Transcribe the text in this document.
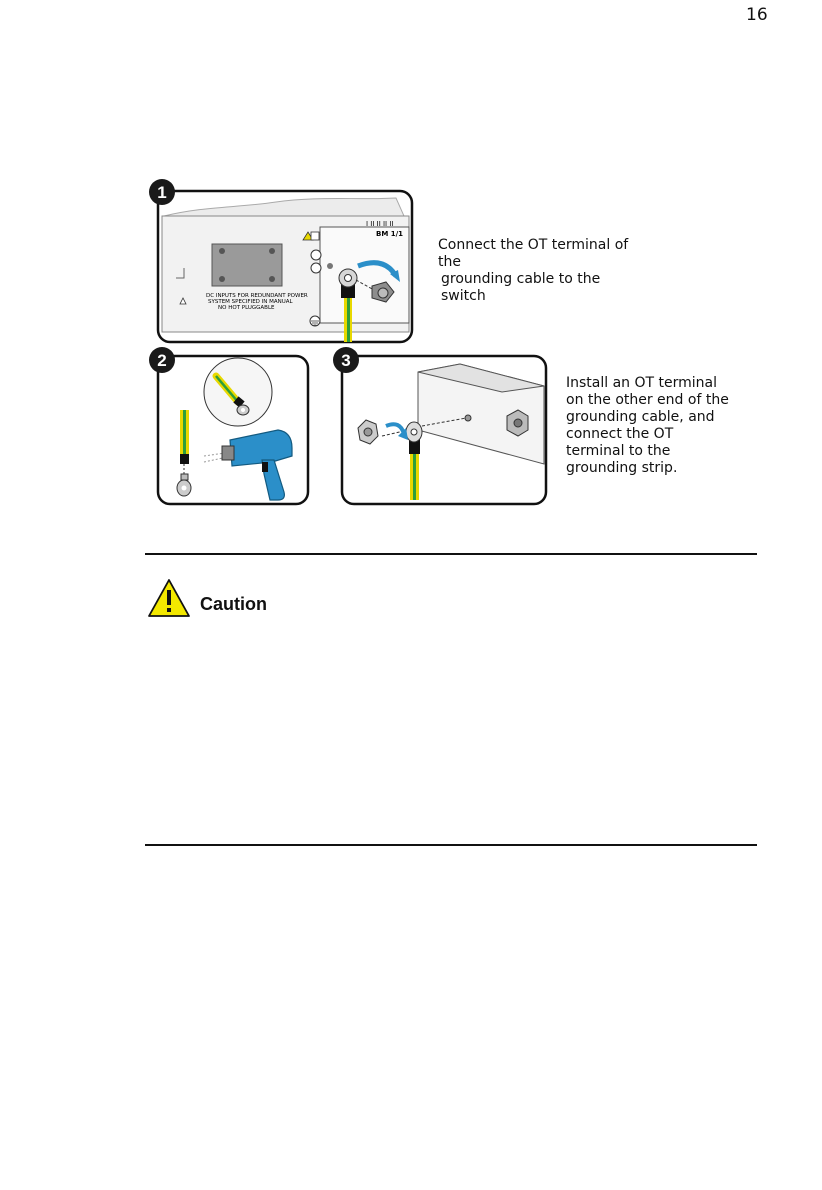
16
I II II II II
BM 1/1
DC INPUTS FOR REDUNDANT POWER
SYSTEM SPECIFIED IN MANUAL
NO HOT PLUGGABLE
1
Connect the OT terminal of the
grounding cable to the switch
2	3
Install an OT terminal
on the other end of the
grounding cable, and
connect the OT
terminal to the
grounding strip.
Caution
